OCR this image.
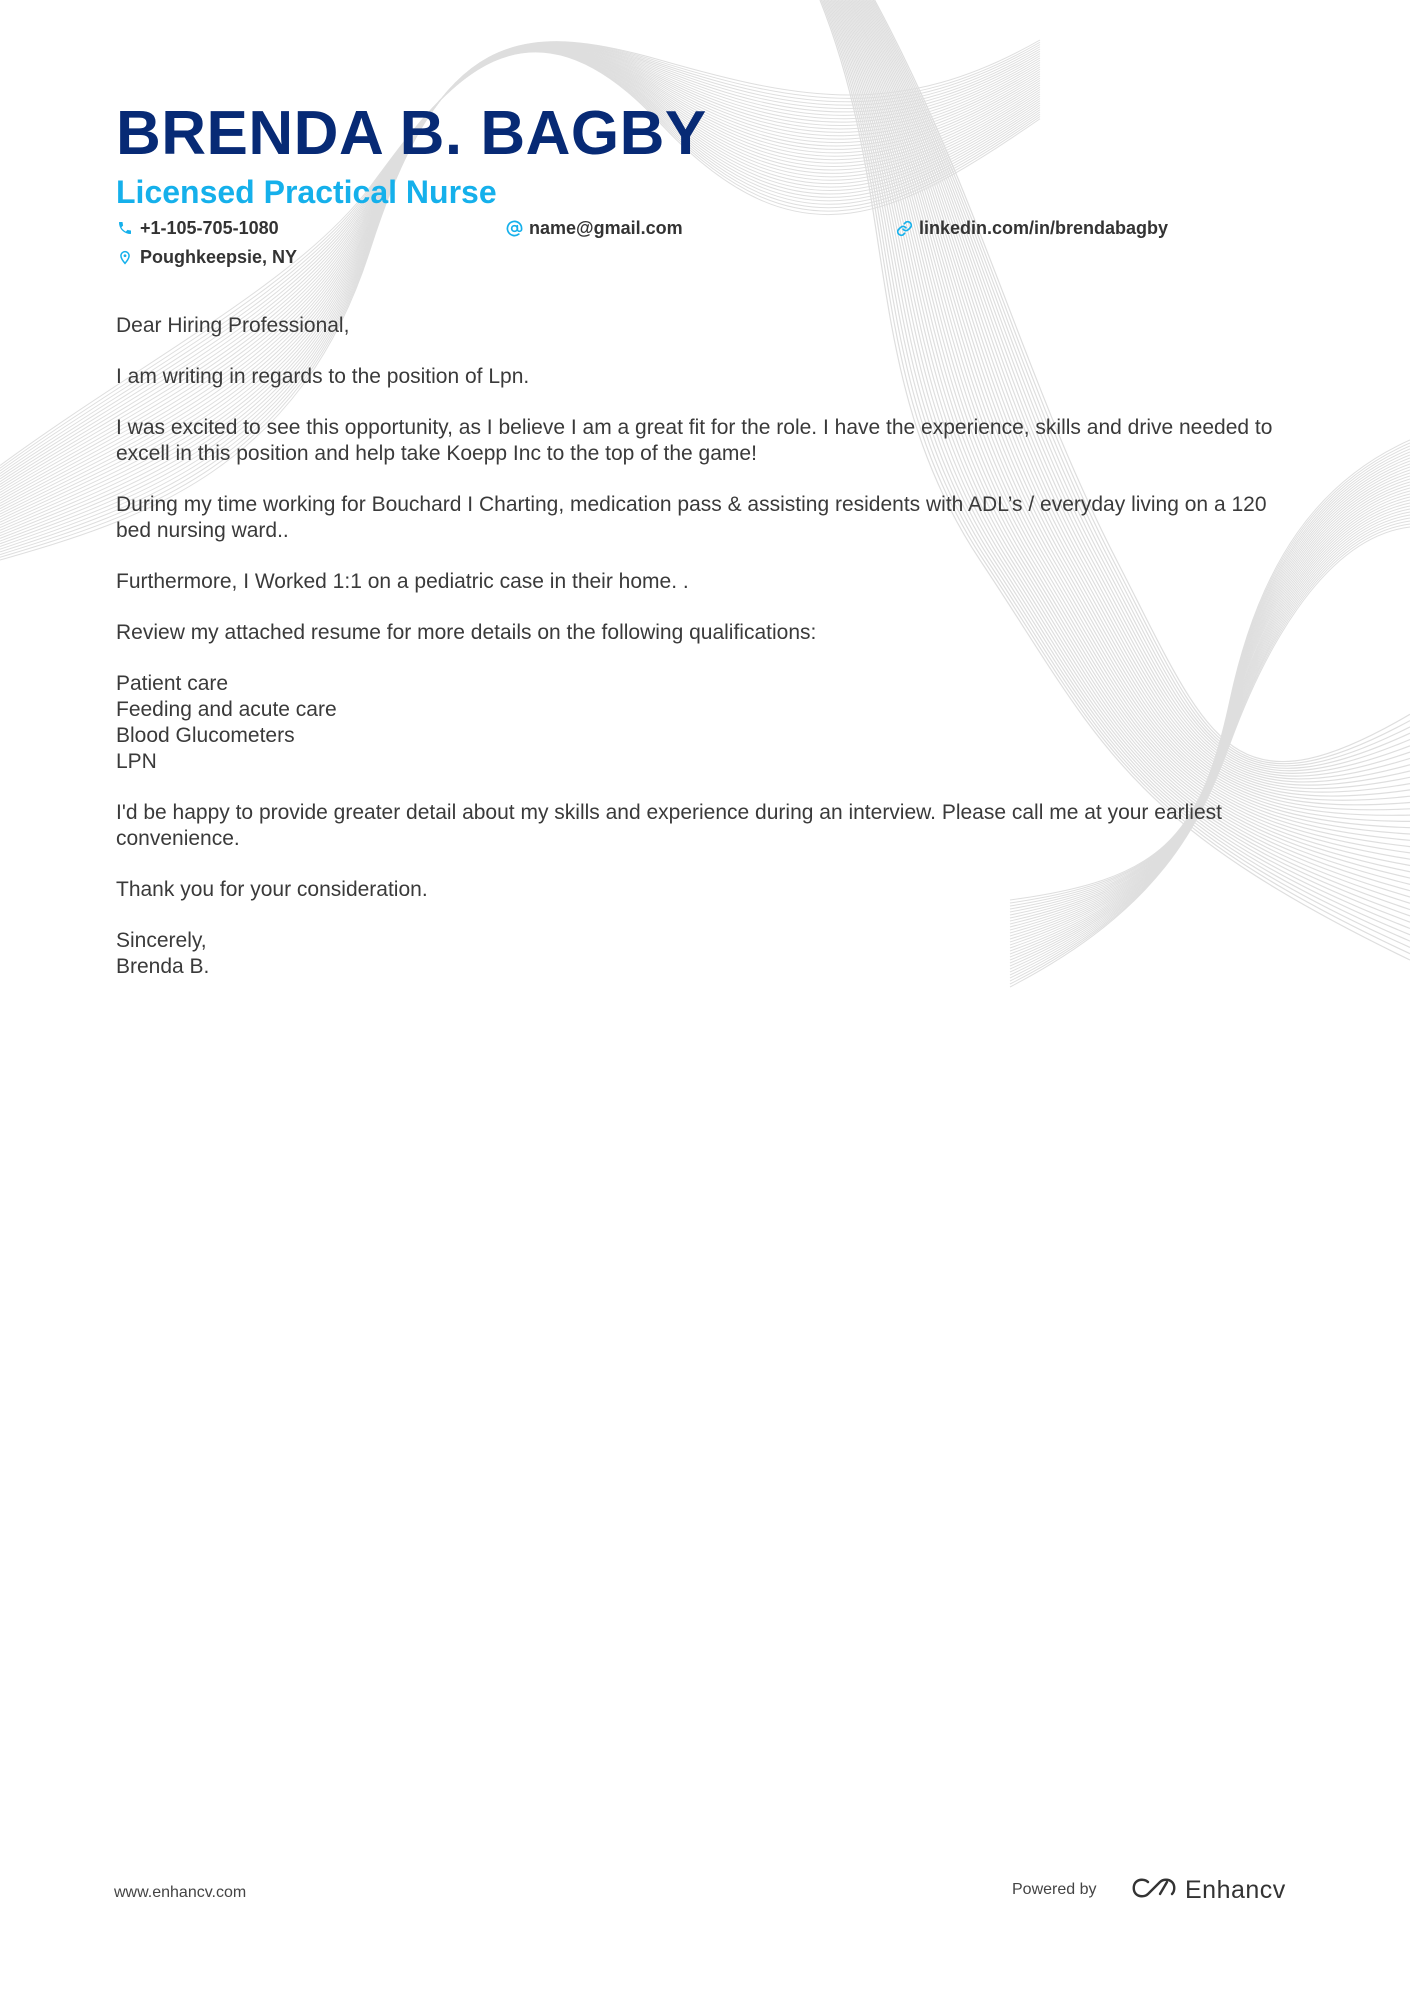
BRENDA B. BAGBY
Licensed Practical Nurse
+1-105-705-1080	name@gmail.com	linkedin.com/in/brendabagby
Poughkeepsie, NY

Dear Hiring Professional,

I am writing in regards to the position of Lpn.

I was excited to see this opportunity, as I believe I am a great fit for the role. I have the experience, skills and drive needed to excell in this position and help take Koepp Inc to the top of the game!

During my time working for Bouchard I Charting, medication pass & assisting residents with ADL’s / everyday living on a 120 bed nursing ward..

Furthermore, I Worked 1:1 on a pediatric case in their home. .

Review my attached resume for more details on the following qualifications:

Patient care
Feeding and acute care
Blood Glucometers
LPN

I'd be happy to provide greater detail about my skills and experience during an interview. Please call me at your earliest convenience.

Thank you for your consideration.

Sincerely,
Brenda B.
www.enhancv.com	Powered by	Enhancv
